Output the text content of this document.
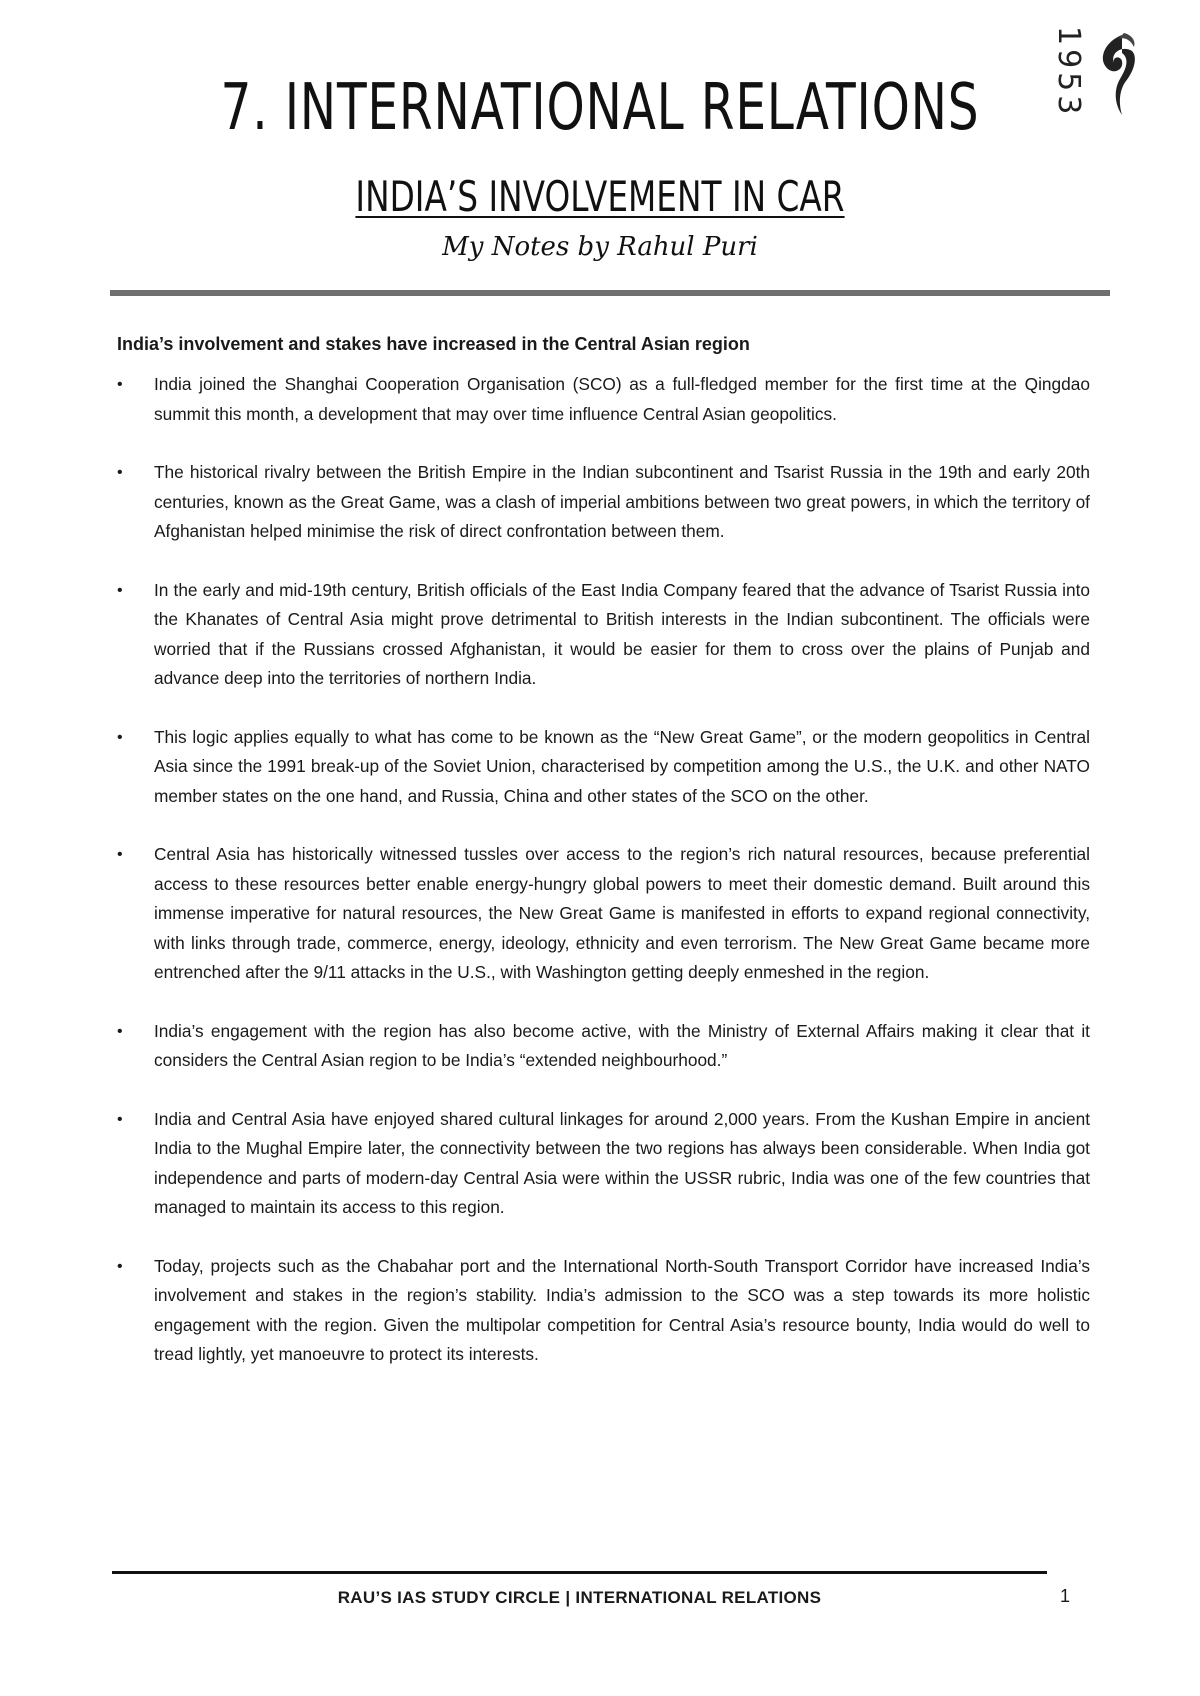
1953
7. INTERNATIONAL RELATIONS
INDIA’S INVOLVEMENT IN CAR
My Notes by Rahul Puri
India’s involvement and stakes have increased in the Central Asian region
• India joined the Shanghai Cooperation Organisation (SCO) as a full-fledged member for the first time at the Qingdao summit this month, a development that may over time influence Central Asian geopolitics.
• The historical rivalry between the British Empire in the Indian subcontinent and Tsarist Russia in the 19th and early 20th centuries, known as the Great Game, was a clash of imperial ambitions between two great powers, in which the territory of Afghanistan helped minimise the risk of direct confrontation between them.
• In the early and mid-19th century, British officials of the East India Company feared that the advance of Tsarist Russia into the Khanates of Central Asia might prove detrimental to British interests in the Indian subcontinent. The officials were worried that if the Russians crossed Afghanistan, it would be easier for them to cross over the plains of Punjab and advance deep into the territories of northern India.
• This logic applies equally to what has come to be known as the “New Great Game”, or the modern geopolitics in Central Asia since the 1991 break-up of the Soviet Union, characterised by competition among the U.S., the U.K. and other NATO member states on the one hand, and Russia, China and other states of the SCO on the other.
• Central Asia has historically witnessed tussles over access to the region’s rich natural resources, because preferential access to these resources better enable energy-hungry global powers to meet their domestic demand. Built around this immense imperative for natural resources, the New Great Game is manifested in efforts to expand regional connectivity, with links through trade, commerce, energy, ideology, ethnicity and even terrorism. The New Great Game became more entrenched after the 9/11 attacks in the U.S., with Washington getting deeply enmeshed in the region.
• India’s engagement with the region has also become active, with the Ministry of External Affairs making it clear that it considers the Central Asian region to be India’s “extended neighbourhood.”
• India and Central Asia have enjoyed shared cultural linkages for around 2,000 years. From the Kushan Empire in ancient India to the Mughal Empire later, the connectivity between the two regions has always been considerable. When India got independence and parts of modern-day Central Asia were within the USSR rubric, India was one of the few countries that managed to maintain its access to this region.
• Today, projects such as the Chabahar port and the International North-South Transport Corridor have increased India’s involvement and stakes in the region’s stability. India’s admission to the SCO was a step towards its more holistic engagement with the region. Given the multipolar competition for Central Asia’s resource bounty, India would do well to tread lightly, yet manoeuvre to protect its interests.
RAU’S IAS STUDY CIRCLE | INTERNATIONAL RELATIONS	1
